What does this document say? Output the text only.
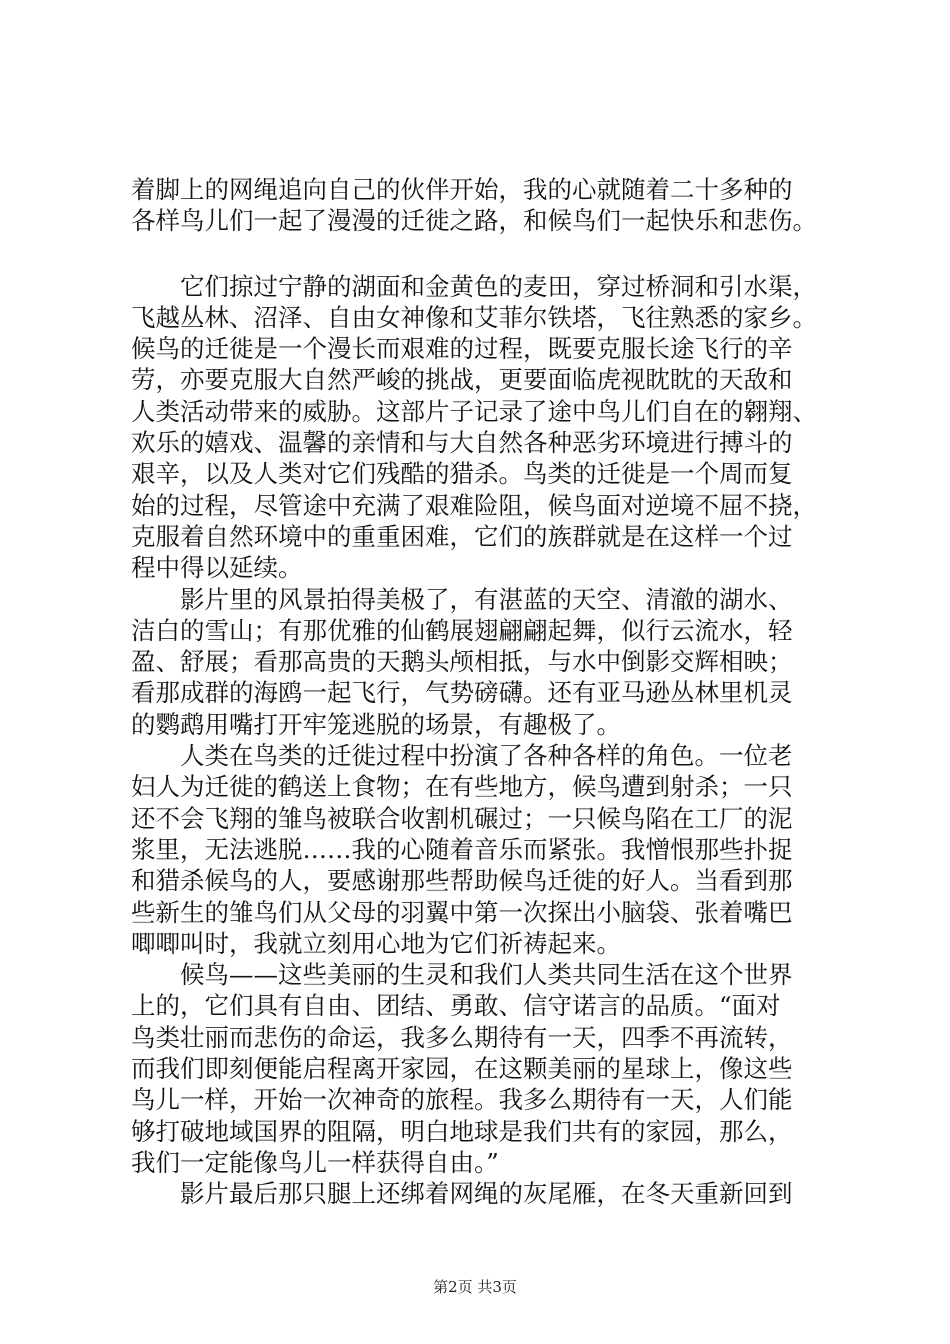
着脚上的网绳追向自己的伙伴开始，我的心就随着二十多种的
各样鸟儿们一起了漫漫的迁徙之路，和候鸟们一起快乐和悲伤。
它们掠过宁静的湖面和金黄色的麦田，穿过桥洞和引水渠，
飞越丛林、沼泽、自由女神像和艾菲尔铁塔，飞往熟悉的家乡。
候鸟的迁徙是一个漫长而艰难的过程，既要克服长途飞行的辛
劳，亦要克服大自然严峻的挑战，更要面临虎视眈眈的天敌和
人类活动带来的威胁。这部片子记录了途中鸟儿们自在的翱翔、
欢乐的嬉戏、温馨的亲情和与大自然各种恶劣环境进行搏斗的
艰辛，以及人类对它们残酷的猎杀。鸟类的迁徙是一个周而复
始的过程，尽管途中充满了艰难险阻，候鸟面对逆境不屈不挠，
克服着自然环境中的重重困难，它们的族群就是在这样一个过
程中得以延续。
影片里的风景拍得美极了，有湛蓝的天空、清澈的湖水、
洁白的雪山；有那优雅的仙鹤展翅翩翩起舞，似行云流水，轻
盈、舒展；看那高贵的天鹅头颅相抵，与水中倒影交辉相映；
看那成群的海鸥一起飞行，气势磅礴。还有亚马逊丛林里机灵
的鹦鹉用嘴打开牢笼逃脱的场景，有趣极了。
人类在鸟类的迁徙过程中扮演了各种各样的角色。一位老
妇人为迁徙的鹤送上食物；在有些地方，候鸟遭到射杀；一只
还不会飞翔的雏鸟被联合收割机碾过；一只候鸟陷在工厂的泥
浆里，无法逃脱……我的心随着音乐而紧张。我憎恨那些扑捉
和猎杀候鸟的人，要感谢那些帮助候鸟迁徙的好人。当看到那
些新生的雏鸟们从父母的羽翼中第一次探出小脑袋、张着嘴巴
唧唧叫时，我就立刻用心地为它们祈祷起来。
候鸟——这些美丽的生灵和我们人类共同生活在这个世界
上的，它们具有自由、团结、勇敢、信守诺言的品质。“面对
鸟类壮丽而悲伤的命运，我多么期待有一天，四季不再流转，
而我们即刻便能启程离开家园，在这颗美丽的星球上，像这些
鸟儿一样，开始一次神奇的旅程。我多么期待有一天，人们能
够打破地域国界的阻隔，明白地球是我们共有的家园，那么，
我们一定能像鸟儿一样获得自由。”
影片最后那只腿上还绑着网绳的灰尾雁，在冬天重新回到
第2页 共3页
